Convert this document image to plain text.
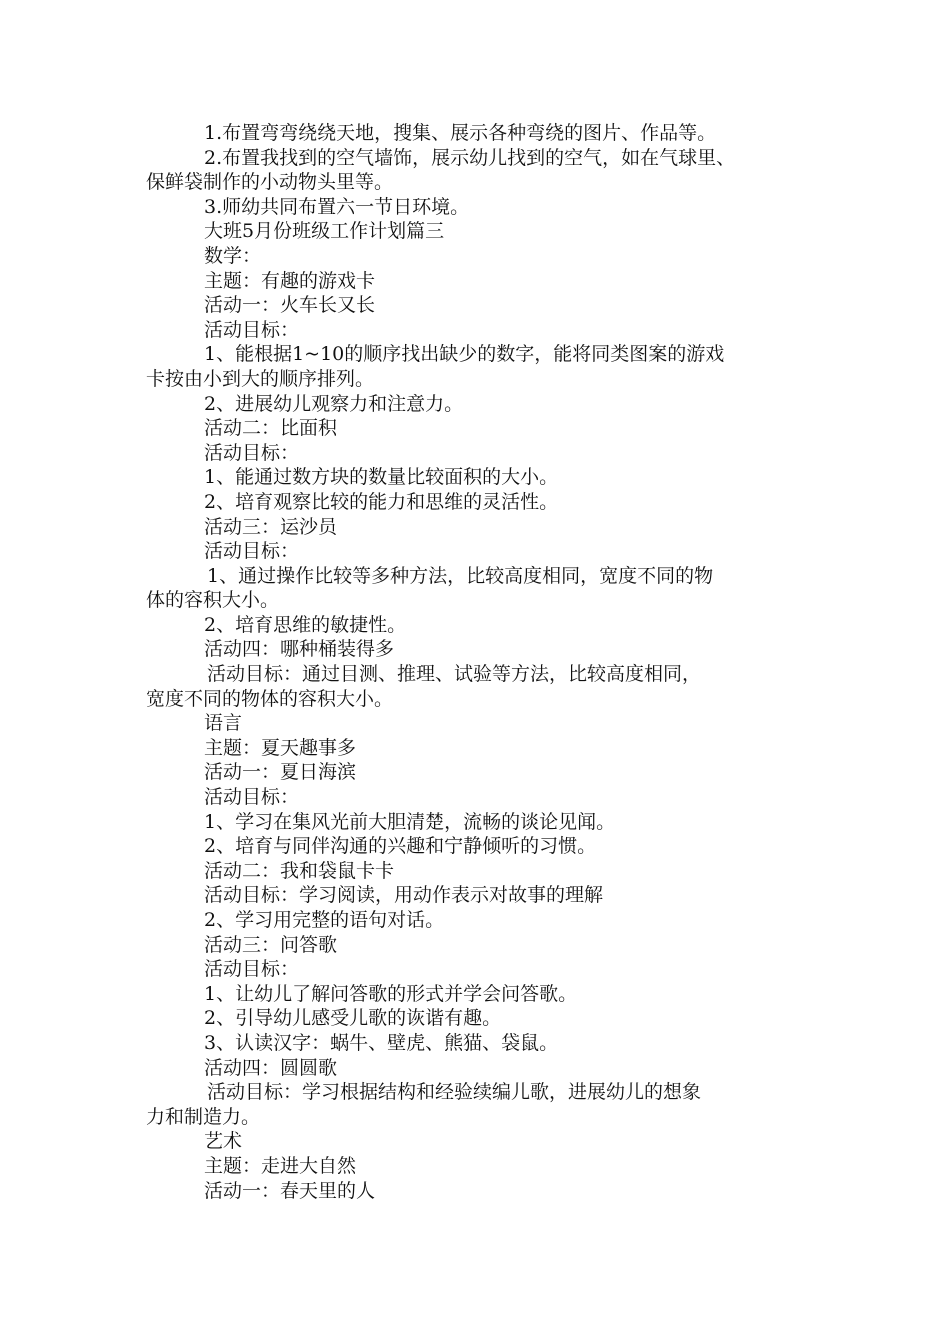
1.布置弯弯绕绕天地，搜集、展示各种弯绕的图片、作品等。

2.布置我找到的空气墙饰，展示幼儿找到的空气，如在气球里、

保鲜袋制作的小动物头里等。

3.师幼共同布置六一节日环境。

大班5月份班级工作计划篇三

数学：

主题：有趣的游戏卡

活动一：火车长又长

活动目标：

1、能根据1~10的顺序找出缺少的数字，能将同类图案的游戏

卡按由小到大的顺序排列。

2、进展幼儿观察力和注意力。

活动二：比面积

活动目标：

1、能通过数方块的数量比较面积的大小。

2、培育观察比较的能力和思维的灵活性。

活动三：运沙员

活动目标：

1、通过操作比较等多种方法，比较高度相同，宽度不同的物

体的容积大小。

2、培育思维的敏捷性。

活动四：哪种桶装得多

活动目标：通过目测、推理、试验等方法，比较高度相同，

宽度不同的物体的容积大小。

语言

主题：夏天趣事多

活动一：夏日海滨

活动目标：

1、学习在集风光前大胆清楚，流畅的谈论见闻。

2、培育与同伴沟通的兴趣和宁静倾听的习惯。

活动二：我和袋鼠卡卡

活动目标：学习阅读，用动作表示对故事的理解

2、学习用完整的语句对话。

活动三：问答歌

活动目标：

1、让幼儿了解问答歌的形式并学会问答歌。

2、引导幼儿感受儿歌的诙谐有趣。

3、认读汉字：蜗牛、壁虎、熊猫、袋鼠。

活动四：圆圆歌

活动目标：学习根据结构和经验续编儿歌，进展幼儿的想象

力和制造力。

艺术

主题：走进大自然

活动一：春天里的人
